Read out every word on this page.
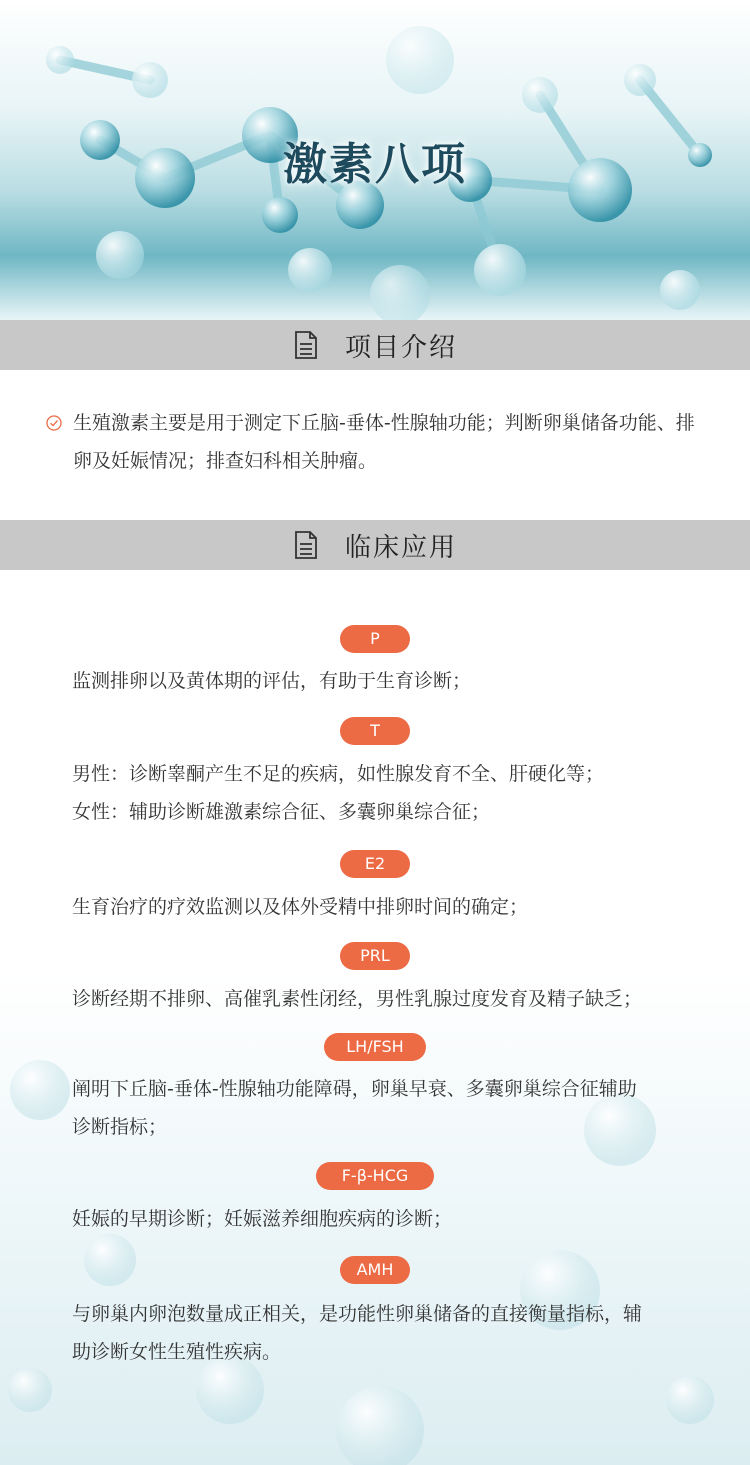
激素八项
项目介绍
生殖激素主要是用于测定下丘脑-垂体-性腺轴功能；判断卵巢储备功能、排卵及妊娠情况；排查妇科相关肿瘤。
临床应用
P
监测排卵以及黄体期的评估，有助于生育诊断；
T
男性：诊断睾酮产生不足的疾病，如性腺发育不全、肝硬化等；
女性：辅助诊断雄激素综合征、多囊卵巢综合征；
E2
生育治疗的疗效监测以及体外受精中排卵时间的确定；
PRL
诊断经期不排卵、高催乳素性闭经，男性乳腺过度发育及精子缺乏；
LH/FSH
阐明下丘脑-垂体-性腺轴功能障碍，卵巢早衰、多囊卵巢综合征辅助
诊断指标；
F-β-HCG
妊娠的早期诊断；妊娠滋养细胞疾病的诊断；
AMH
与卵巢内卵泡数量成正相关，是功能性卵巢储备的直接衡量指标，辅
助诊断女性生殖性疾病。
